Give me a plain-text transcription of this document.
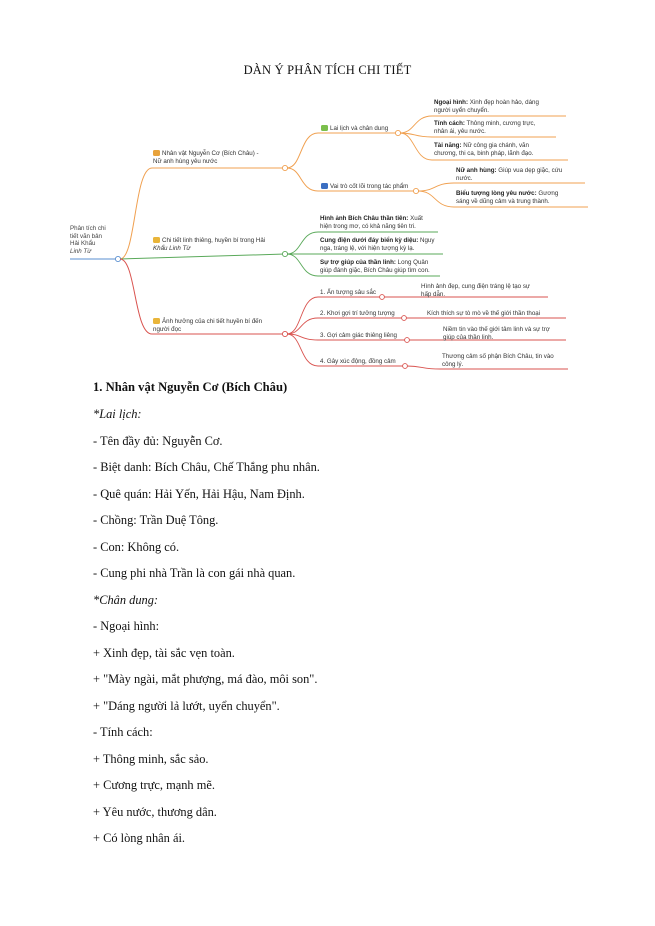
DÀN Ý PHÂN TÍCH CHI TIẾT
Phân tích chi
tiết văn bản
Hải Khẩu
Linh Từ
Nhân vật Nguyễn Cơ (Bích Châu) -
Nữ anh hùng yêu nước
Lai lịch và chân dung
Ngoại hình: Xinh đẹp hoàn hảo, dáng
người uyển chuyển.
Tính cách: Thông minh, cương trực,
nhân ái, yêu nước.
Tài năng: Nữ công gia chánh, văn
chương, thi ca, binh pháp, lãnh đạo.
Vai trò cốt lõi trong tác phẩm
Nữ anh hùng: Giúp vua dẹp giặc, cứu
nước.
Biểu tượng lòng yêu nước: Gương
sáng về dũng cảm và trung thành.
Chi tiết linh thiêng, huyền bí trong Hải
Khẩu Linh Từ
Hình ảnh Bích Châu thần tiên: Xuất
hiện trong mơ, có khả năng tiên tri.
Cung điện dưới đáy biển kỳ diệu: Nguy
nga, tráng lệ, với hiện tượng kỳ lạ.
Sự trợ giúp của thần linh: Long Quân
giúp đánh giặc, Bích Châu giúp tìm con.
Ảnh hưởng của chi tiết huyền bí đến
người đọc
1. Ấn tượng sâu sắc
Hình ảnh đẹp, cung điện tráng lệ tạo sự
hấp dẫn.
2. Khơi gợi trí tưởng tượng	Kích thích sự tò mò về thế giới thần thoại
3. Gợi cảm giác thiêng liêng
Niềm tin vào thế giới tâm linh và sự trợ
giúp của thần linh.
4. Gây xúc động, đồng cảm
Thương cảm số phận Bích Châu, tin vào
công lý.
1. Nhân vật Nguyễn Cơ (Bích Châu)
*Lai lịch:
- Tên đầy đủ: Nguyễn Cơ.
- Biệt danh: Bích Châu, Chế Thắng phu nhân.
- Quê quán: Hải Yến, Hải Hậu, Nam Định.
- Chồng: Trần Duệ Tông.
- Con: Không có.
- Cung phi nhà Trần là con gái nhà quan.
*Chân dung:
- Ngoại hình:
+ Xinh đẹp, tài sắc vẹn toàn.
+ "Mày ngài, mắt phượng, má đào, môi son".
+ "Dáng người lả lướt, uyển chuyển".
- Tính cách:
+ Thông minh, sắc sảo.
+ Cương trực, mạnh mẽ.
+ Yêu nước, thương dân.
+ Có lòng nhân ái.
